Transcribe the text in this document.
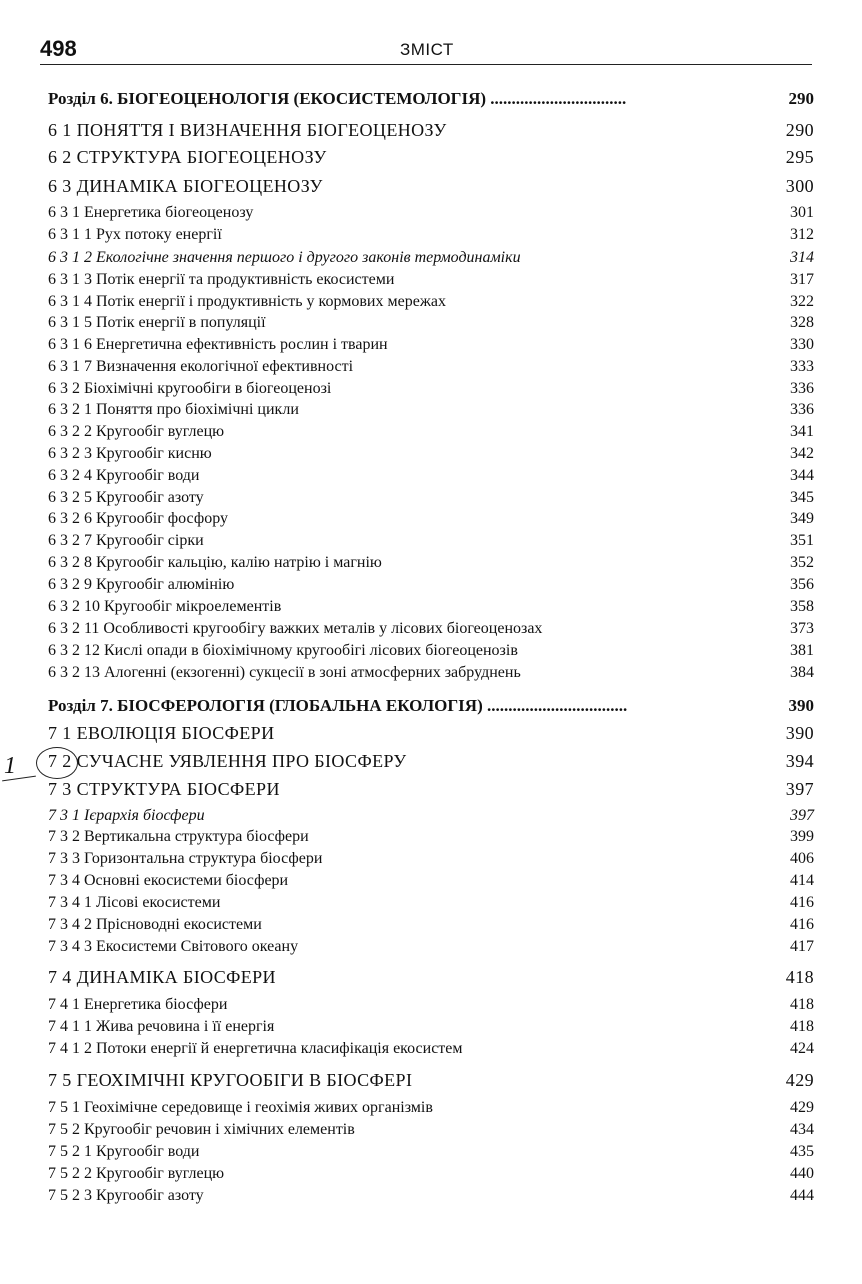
498	ЗМІСТ
Розділ 6. БІОГЕОЦЕНОЛОГІЯ (ЕКОСИСТЕМОЛОГІЯ) ................................	290
6 1 ПОНЯТТЯ І ВИЗНАЧЕННЯ БІОГЕОЦЕНОЗУ	290
6 2 СТРУКТУРА БІОГЕОЦЕНОЗУ	295
6 3 ДИНАМІКА БІОГЕОЦЕНОЗУ	300
6 3 1 Енергетика біогеоценозу	301
6 3 1 1 Рух потоку енергії	312
6 3 1 2 Екологічне значення першого і другого законів термодинаміки	314
6 3 1 3 Потік енергії та продуктивність екосистеми	317
6 3 1 4 Потік енергії і продуктивність у кормових мережах	322
6 3 1 5 Потік енергії в популяції	328
6 3 1 6 Енергетична ефективність рослин і тварин	330
6 3 1 7 Визначення екологічної ефективності	333
6 3 2 Біохімічні кругообіги в біогеоценозі	336
6 3 2 1 Поняття про біохімічні цикли	336
6 3 2 2 Кругообіг вуглецю	341
6 3 2 3 Кругообіг кисню	342
6 3 2 4 Кругообіг води	344
6 3 2 5 Кругообіг азоту	345
6 3 2 6 Кругообіг фосфору	349
6 3 2 7 Кругообіг сірки	351
6 3 2 8 Кругообіг кальцію, калію натрію і магнію	352
6 3 2 9 Кругообіг алюмінію	356
6 3 2 10 Кругообіг мікроелементів	358
6 3 2 11 Особливості кругообігу важких металів у лісових біогеоценозах	373
6 3 2 12 Кислі опади в біохімічному кругообігі лісових біогеоценозів	381
6 3 2 13 Алогенні (екзогенні) сукцесії в зоні атмосферних забруднень	384
Розділ 7. БІОСФЕРОЛОГІЯ (ГЛОБАЛЬНА ЕКОЛОГІЯ) .................................	390
7 1 ЕВОЛЮЦІЯ БІОСФЕРИ	390
7 2 СУЧАСНЕ УЯВЛЕННЯ ПРО БІОСФЕРУ	394
7 3 СТРУКТУРА БІОСФЕРИ	397
7 3 1 Ієрархія біосфери	397
7 3 2 Вертикальна структура біосфери	399
7 3 3 Горизонтальна структура біосфери	406
7 3 4 Основні екосистеми біосфери	414
7 3 4 1 Лісові екосистеми	416
7 3 4 2 Прісноводні екосистеми	416
7 3 4 3 Екосистеми Світового океану	417
7 4 ДИНАМІКА БІОСФЕРИ	418
7 4 1 Енергетика біосфери	418
7 4 1 1 Жива речовина і її енергія	418
7 4 1 2 Потоки енергії й енергетична класифікація екосистем	424
7 5 ГЕОХІМІЧНІ КРУГООБІГИ В БІОСФЕРІ	429
7 5 1 Геохімічне середовище і геохімія живих організмів	429
7 5 2 Кругообіг речовин і хімічних елементів	434
7 5 2 1 Кругообіг води	435
7 5 2 2 Кругообіг вуглецю	440
7 5 2 3 Кругообіг азоту	444
1
